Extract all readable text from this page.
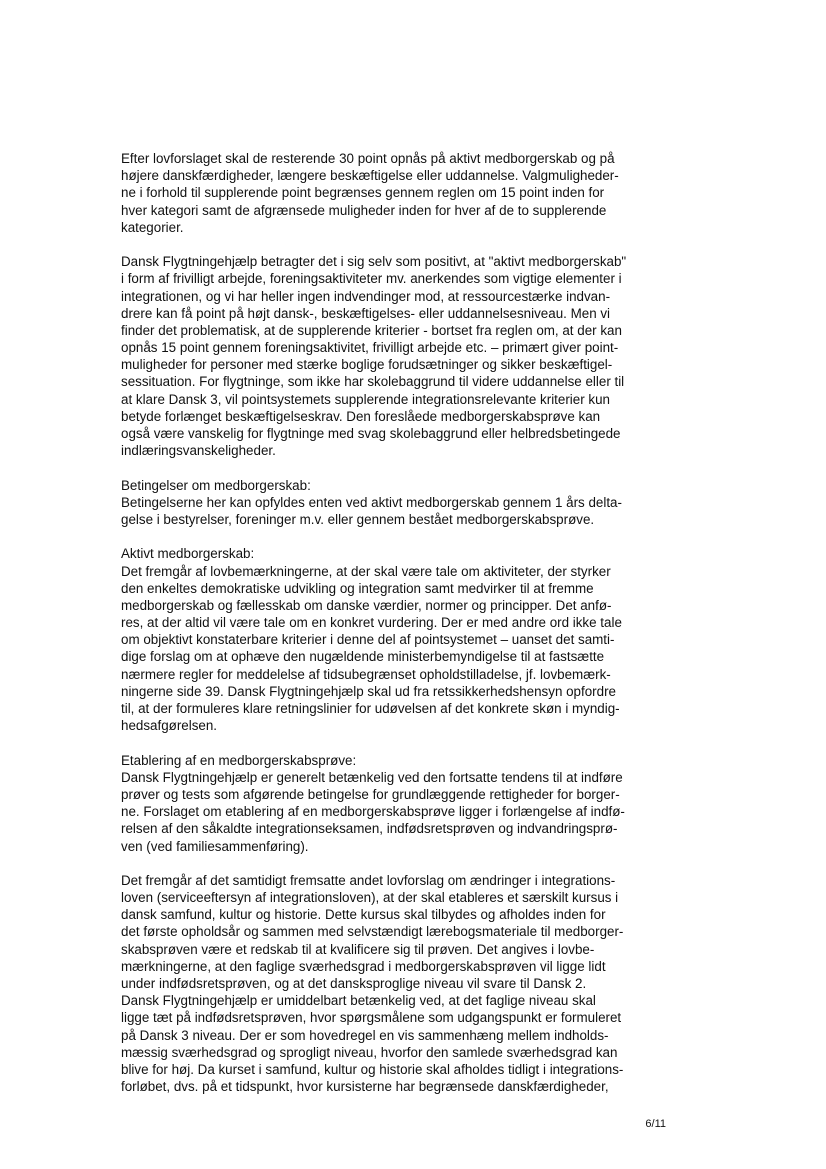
Efter lovforslaget skal de resterende 30 point opnås på aktivt medborgerskab og på
højere danskfærdigheder, længere beskæftigelse eller uddannelse. Valgmuligheder-
ne i forhold til supplerende point begrænses gennem reglen om 15 point inden for
hver kategori samt de afgrænsede muligheder inden for hver af de to supplerende
kategorier.
Dansk Flygtningehjælp betragter det i sig selv som positivt, at "aktivt medborgerskab"
i form af frivilligt arbejde, foreningsaktiviteter mv. anerkendes som vigtige elementer i
integrationen, og vi har heller ingen indvendinger mod, at ressourcestærke indvan-
drere kan få point på højt dansk-, beskæftigelses- eller uddannelsesniveau. Men vi
finder det problematisk, at de supplerende kriterier - bortset fra reglen om, at der kan
opnås 15 point gennem foreningsaktivitet, frivilligt arbejde etc. – primært giver point-
muligheder for personer med stærke boglige forudsætninger og sikker beskæftigel-
sessituation. For flygtninge, som ikke har skolebaggrund til videre uddannelse eller til
at klare Dansk 3, vil pointsystemets supplerende integrationsrelevante kriterier kun
betyde forlænget beskæftigelseskrav. Den foreslåede medborgerskabsprøve kan
også være vanskelig for flygtninge med svag skolebaggrund eller helbredsbetingede
indlæringsvanskeligheder.
Betingelser om medborgerskab:
Betingelserne her kan opfyldes enten ved aktivt medborgerskab gennem 1 års delta-
gelse i bestyrelser, foreninger m.v. eller gennem bestået medborgerskabsprøve.
Aktivt medborgerskab:
Det fremgår af lovbemærkningerne, at der skal være tale om aktiviteter, der styrker
den enkeltes demokratiske udvikling og integration samt medvirker til at fremme
medborgerskab og fællesskab om danske værdier, normer og principper. Det anfø-
res, at der altid vil være tale om en konkret vurdering. Der er med andre ord ikke tale
om objektivt konstaterbare kriterier i denne del af pointsystemet – uanset det samti-
dige forslag om at ophæve den nugældende ministerbemyndigelse til at fastsætte
nærmere regler for meddelelse af tidsubegrænset opholdstilladelse, jf. lovbemærk-
ningerne side 39. Dansk Flygtningehjælp skal ud fra retssikkerhedshensyn opfordre
til, at der formuleres klare retningslinier for udøvelsen af det konkrete skøn i myndig-
hedsafgørelsen.
Etablering af en medborgerskabsprøve:
Dansk Flygtningehjælp er generelt betænkelig ved den fortsatte tendens til at indføre
prøver og tests som afgørende betingelse for grundlæggende rettigheder for borger-
ne. Forslaget om etablering af en medborgerskabsprøve ligger i forlængelse af indfø-
relsen af den såkaldte integrationseksamen, indfødsretsprøven og indvandringsprø-
ven (ved familiesammenføring).
Det fremgår af det samtidigt fremsatte andet lovforslag om ændringer i integrations-
loven (serviceeftersyn af integrationsloven), at der skal etableres et særskilt kursus i
dansk samfund, kultur og historie. Dette kursus skal tilbydes og afholdes inden for
det første opholdsår og sammen med selvstændigt lærebogsmateriale til medborger-
skabsprøven være et redskab til at kvalificere sig til prøven. Det angives i lovbe-
mærkningerne, at den faglige sværhedsgrad i medborgerskabsprøven vil ligge lidt
under indfødsretsprøven, og at det dansksproglige niveau vil svare til Dansk 2.
Dansk Flygtningehjælp er umiddelbart betænkelig ved, at det faglige niveau skal
ligge tæt på indfødsretsprøven, hvor spørgsmålene som udgangspunkt er formuleret
på Dansk 3 niveau. Der er som hovedregel en vis sammenhæng mellem indholds-
mæssig sværhedsgrad og sprogligt niveau, hvorfor den samlede sværhedsgrad kan
blive for høj. Da kurset i samfund, kultur og historie skal afholdes tidligt i integrations-
forløbet, dvs. på et tidspunkt, hvor kursisterne har begrænsede danskfærdigheder,
6/11
